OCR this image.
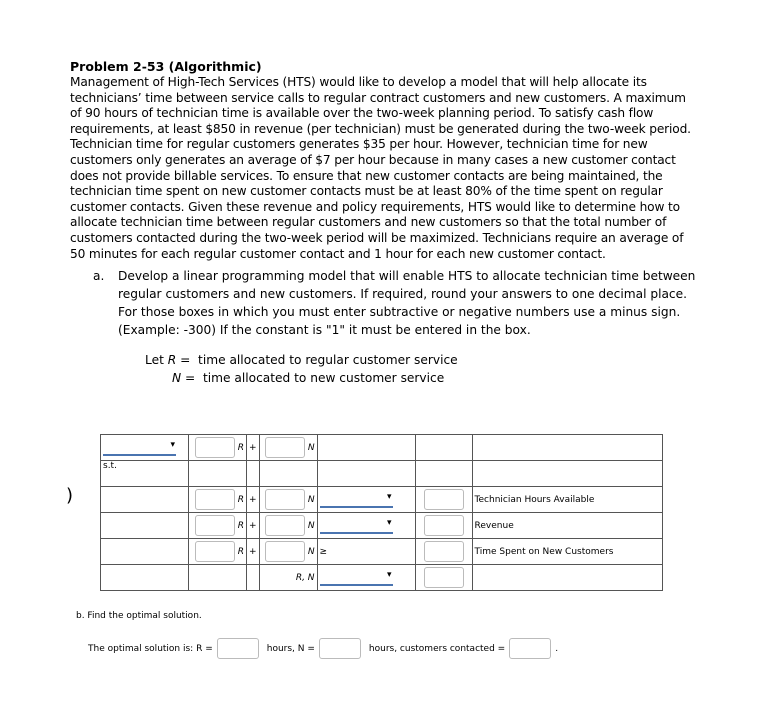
Problem 2-53 (Algorithmic)
Management of High-Tech Services (HTS) would like to develop a model that will help allocate its technicians’ time between service calls to regular contract customers and new customers. A maximum of 90 hours of technician time is available over the two-week planning period. To satisfy cash flow requirements, at least $850 in revenue (per technician) must be generated during the two-week period. Technician time for regular customers generates $35 per hour. However, technician time for new customers only generates an average of $7 per hour because in many cases a new customer contact does not provide billable services. To ensure that new customer contacts are being maintained, the technician time spent on new customer contacts must be at least 80% of the time spent on regular customer contacts. Given these revenue and policy requirements, HTS would like to determine how to allocate technician time between regular customers and new customers so that the total number of customers contacted during the two-week period will be maximized. Technicians require an average of 50 minutes for each regular customer contact and 1 hour for each new customer contact.
a. Develop a linear programming model that will enable HTS to allocate technician time between regular customers and new customers. If required, round your answers to one decimal place. For those boxes in which you must enter subtractive or negative numbers use a minus sign. (Example: -300) If the constant is "1" it must be entered in the box.
Let R = time allocated to regular customer service
N = time allocated to new customer service
)
▾	R	+	N			
s.t.						
	R	+	N	▾		Technician Hours Available
	R	+	N	▾		Revenue
	R	+	N	≥		Time Spent on New Customers
			R, N	▾		
b. Find the optimal solution.
The optimal solution is: R =	hours, N =	hours, customers contacted =	.
